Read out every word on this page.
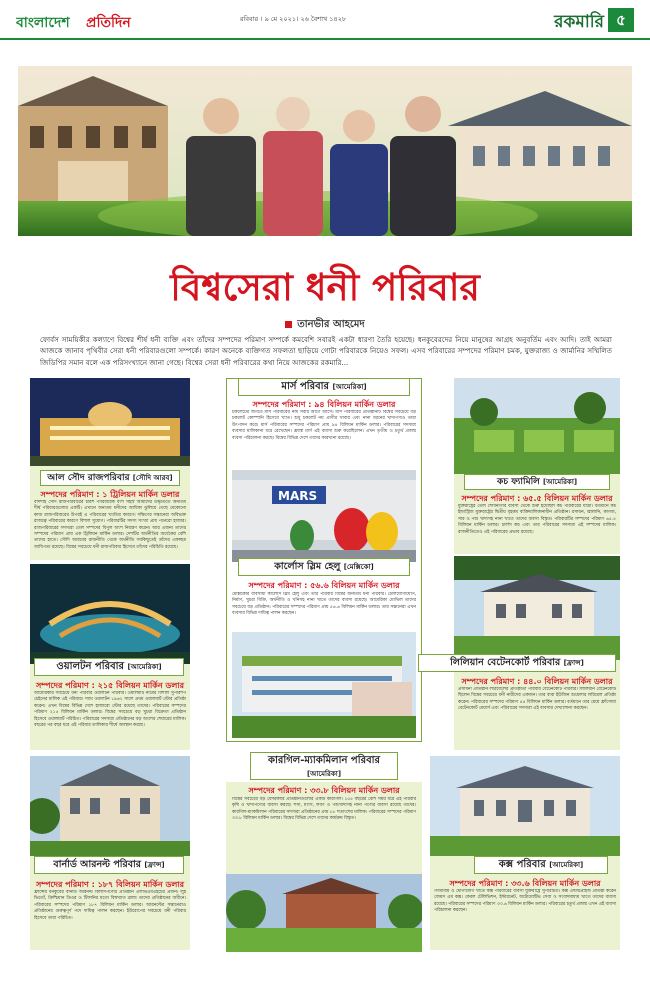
বাংলাদেশ প্রতিদিন	রবিবার । ৯ মে ২০২১। ২৬ বৈশাখ ১৪২৮	রকমারি ৫
বিশ্বসেরা ধনী পরিবার
তানভীর আহমেদ
ফোর্বস সাময়িকীর কল্যাণে বিশ্বের শীর্ষ ধনী ব্যক্তি এবং তাঁদের সম্পদের পরিমাণ সম্পর্কে কমবেশি সবারই একটা ধারণা তৈরি হয়েছে। ধনকুবেরদের নিয়ে মানুষের আগ্রহ অনুবর্তিম এবং আদি। তাই আমরা আজকে জানাব পৃথিবীর সেরা ধনী পরিবারগুলো সম্পর্কে। কারণ অনেকে ব্যক্তিগত সফলতা ছাড়িয়ে গোটা পরিবারকে নিয়েও সফল। এসব পরিবারের সম্পদের পরিমাণ চমক, যুক্তরাজ্য ও জার্মানির সম্মিলিত জিডিপির সমান বলে এক পরিসংখ্যানে জানা গেছে। বিশ্বের সেরা ধনী পরিবারের কথা নিয়ে আজকের রকমারি...
আল সৌদ রাজপরিবার [সৌদি আরব]
সম্পদের পরিমাণ : ১ ট্রিলিয়ন মার্কিন ডলার
বাদশাহ সৌদ রাজপরিবারের চারশ পারিবারিক বংশ সহস্র আমাদের উদ্ধৃতিতে অন্যতম শীর্ষ পরিবারগুলোর একটি। এখানে অন্যতম ধনীদের আধিক্য ঝুলিয়ে গেছে যেকোনো কাজ রাজপরিবারের উপরই এ পরিবারের খ্যাতির কারণে। দক্ষিণের সন্তানেরা অবিভক্ত রাজত্বে পরিবারের কারণে বিশাল সুযোগ। পরিবারটির সদস্য সংখ্যা প্রায় পনেরো হাজার। রাজপরিবারের সদস্যরা তেল সম্পদের বিপুল অংশ নিয়ন্ত্রণ করেন। আর এজন্য তাদের সম্পদের পরিমাণ প্রায় এক ট্রিলিয়ন মার্কিন ডলার। দেশটির অর্থনীতির অর্ধেকের বেশি তাদের হাতে। সৌদি আরবের রাজনীতি থেকে অর্থনীতি সবকিছুতেই তাঁদের একচ্ছত্র আধিপত্য রয়েছে। বিশ্বের সবচেয়ে ধনী রাজপরিবার হিসেবে তাঁদের পরিচিতি রয়েছে।
ওয়ালটন পরিবার [আমেরিকা]
সম্পদের পরিমাণ : ২১৫ বিলিয়ন মার্কিন ডলার
আমেরিকার সবচেয়ে ধনী পরিবার ওয়ালটন পরিবার। ওয়ালমার্ট নামের বিশাল সুপারশপ চেইনের মালিক এই পরিবার। স্যাম ওয়ালটন ১৯৬২ সালে প্রথম ওয়ালমার্ট স্টোর প্রতিষ্ঠা করেন। এখন বিশ্বের বিভিন্ন দেশে হাজারো স্টোর রয়েছে তাদের। পরিবারের সম্পদের পরিমাণ ২১৫ বিলিয়ন মার্কিন ডলার। বিশ্বের সবচেয়ে বড় খুচরা বিক্রেতা প্রতিষ্ঠান হিসেবে ওয়ালমার্ট পরিচিত। পরিবারের সদস্যরা প্রতিষ্ঠানের বড় অংশের শেয়ারের মালিক। বছরের পর বছর ধরে এই পরিবার তালিকার শীর্ষে অবস্থান করছে।
বার্নার্ড আরনল্ট পরিবার [ফ্রান্স]
সম্পদের পরিমাণ : ১৮৭ বিলিয়ন মার্কিন ডলার
ফ্রান্সের ধনকুবের বার্নার্ড আরনল্ট বিলাসপণ্যের প্রতিষ্ঠান এলভিএমএইচের প্রধান। লুই ভিতোঁ, ক্রিশ্চিয়ান ডিওর ও টিফানির মতো বিশ্বখ্যাত ব্র্যান্ড তাদের প্রতিষ্ঠানের অধীনে। পরিবারের সম্পদের পরিমাণ ১৮৭ বিলিয়ন মার্কিন ডলার। আরনল্টের সন্তানেরাও প্রতিষ্ঠানের গুরুত্বপূর্ণ পদে দায়িত্ব পালন করছেন। ইউরোপের সবচেয়ে ধনী পরিবার হিসেবে তারা পরিচিত।
মার্স পরিবার [আমেরিকা]
সম্পদের পরিমাণ : ৯৪ বিলিয়ন মার্কিন ডলার
চকলেটের জগতে মার্স পরিবারের নাম সবার আগে আসে। মার্স পরিবারের প্রতিষ্ঠানটি বিশ্বের সবচেয়ে বড় চকলেট কোম্পানি হিসেবে খ্যাত। শুধু চকলেট নয় প্রাণীর খাবার এবং নানা ধরনের খাদ্যপণ্যও তারা উৎপাদন করে। মার্স পরিবারের সম্পদের পরিমাণ প্রায় ৯৪ বিলিয়ন মার্কিন ডলার। পরিবারের সদস্যরা ব্যবসার মালিকানা ধরে রেখেছেন। ফ্র্যাঙ্ক মার্স এই ব্যবসা শুরু করেছিলেন। এখন তৃতীয় ও চতুর্থ প্রজন্ম ব্যবসা পরিচালনা করছে। বিশ্বের বিভিন্ন দেশে তাদের কারখানা রয়েছে।
MARS
কার্লোস স্লিম হেলু [মেক্সিকো]
সম্পদের পরিমাণ : ৫৬.৬ বিলিয়ন মার্কিন ডলার
মেক্সিকোর ব্যবসায়ী কার্লোস স্লিম হেলু এবং তার পরিবার বিশ্বের অন্যতম ধনী পরিবার। টেলিযোগাযোগ, নির্মাণ, খুচরা বিক্রি, অর্থনীতি ও খনিসহ নানা খাতে তাদের ব্যবসা রয়েছে। আমেরিকা মোভিল তাদের সবচেয়ে বড় প্রতিষ্ঠান। পরিবারের সম্পদের পরিমাণ প্রায় ৫৬.৬ বিলিয়ন মার্কিন ডলার। তার সন্তানেরা এখন ব্যবসার বিভিন্ন দায়িত্ব পালন করছেন।
কারগিল-ম্যাকমিলান পরিবার
[আমেরিকা]
সম্পদের পরিমাণ : ৩৩.৮ বিলিয়ন মার্কিন ডলার
বিশ্বের সবচেয়ে বড় বেসরকারি প্রতিষ্ঠানগুলোর একটি কারগিল। ১৫৫ বছরের বেশি সময় ধরে এই পরিবার কৃষি ও খাদ্যপণ্যের ব্যবসা করছে। শস্য, মাংস, লবণ ও পশুখাদ্যসহ নানা পণ্যের ব্যবসা রয়েছে তাদের। কারগিল-ম্যাকমিলান পরিবারের সদস্যরা প্রতিষ্ঠানের প্রায় ৮৮ শতাংশের মালিক। পরিবারের সম্পদের পরিমাণ ৩৩.৮ বিলিয়ন মার্কিন ডলার। বিশ্বের বিভিন্ন দেশে তাদের কার্যক্রম বিস্তৃত।
কচ ফ্যামিলি [আমেরিকা]
সম্পদের পরিমাণ : ৬৫.৫ বিলিয়ন মার্কিন ডলার
যুক্তরাষ্ট্রের তেল শোধনাগার ব্যবসা থেকে শুরু হয়েছিল কচ পরিবারের যাত্রা। বর্তমানে কচ ইন্ডাস্ট্রিজ যুক্তরাষ্ট্রের দ্বিতীয় বৃহত্তম ব্যক্তিমালিকানাধীন প্রতিষ্ঠান। রসায়ন, জ্বালানি, কাগজ, সার ও পশু খাদ্যসহ নানা খাতে তাদের ব্যবসা বিস্তৃত। পরিবারটির সম্পদের পরিমাণ ৬৫.৫ বিলিয়ন মার্কিন ডলার। চার্লস কচ এবং তার পরিবারের সদস্যরা এই সম্পদের মালিক। রাজনীতিতেও এই পরিবারের প্রভাব রয়েছে।
লিলিয়ান বেটেনকোর্ট পরিবার [ফ্রান্স]
সম্পদের পরিমাণ : ৪৪.০ বিলিয়ন মার্কিন ডলার
প্রসাধনী প্রতিষ্ঠান লরিয়েলের প্রতিষ্ঠাতা পরিবার বেটেনকোর্ট পরিবার। লিলিয়ান বেটেনকোর্ট ছিলেন বিশ্বের সবচেয়ে ধনী নারীদের একজন। তার বাবা ইউজিন শুয়েলার লরিয়েল প্রতিষ্ঠা করেন। পরিবারের সম্পদের পরিমাণ ৪৪ বিলিয়ন মার্কিন ডলার। বর্তমানে তার মেয়ে ফ্রাঁসোয়া বেটেনকোর্ট মেয়ার্স এবং পরিবারের সদস্যরা এই ব্যবসার দেখাশোনা করছেন।
কক্স পরিবার [আমেরিকা]
সম্পদের পরিমাণ : ৩৩.৬ বিলিয়ন মার্কিন ডলার
গণমাধ্যম ও যোগাযোগ খাতে কক্স পরিবারের ব্যবসা যুক্তরাষ্ট্রে সুপরিচিত। কক্স এন্টারপ্রাইজ প্রতিষ্ঠা করেন জেমস এম কক্স। কেবল টেলিভিশন, ইন্টারনেট, অটোমোটিভ সেবা ও সংবাদমাধ্যম খাতে তাদের ব্যবসা রয়েছে। পরিবারের সম্পদের পরিমাণ ৩৩.৬ বিলিয়ন মার্কিন ডলার। পরিবারের চতুর্থ প্রজন্ম এখন এই ব্যবসা পরিচালনা করছেন।
